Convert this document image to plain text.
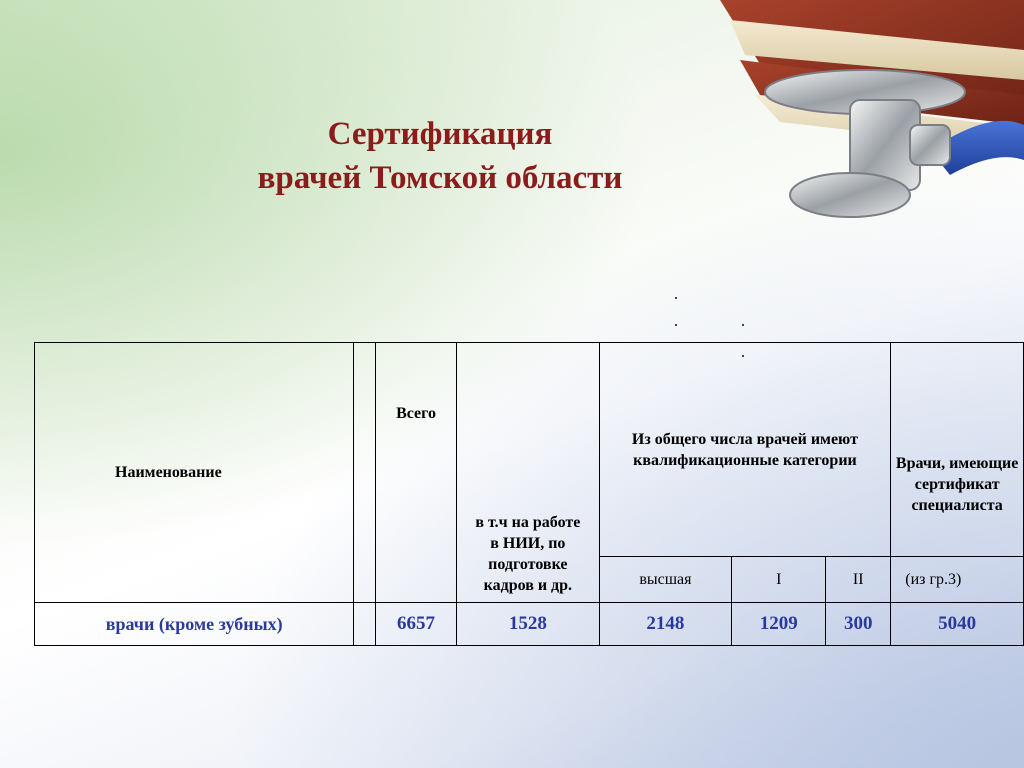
Сертификация
врачей Томской области
Наименование		Всего	в т.ч на работе в НИИ, по подготовке кадров и др.	Из общего числа врачей имеют квалификационные категории			Врачи, имеющие сертификат специалиста

				высшая	I	II	(из гр.3)
врачи (кроме зубных)		6657	1528	2148	1209	300	5040
